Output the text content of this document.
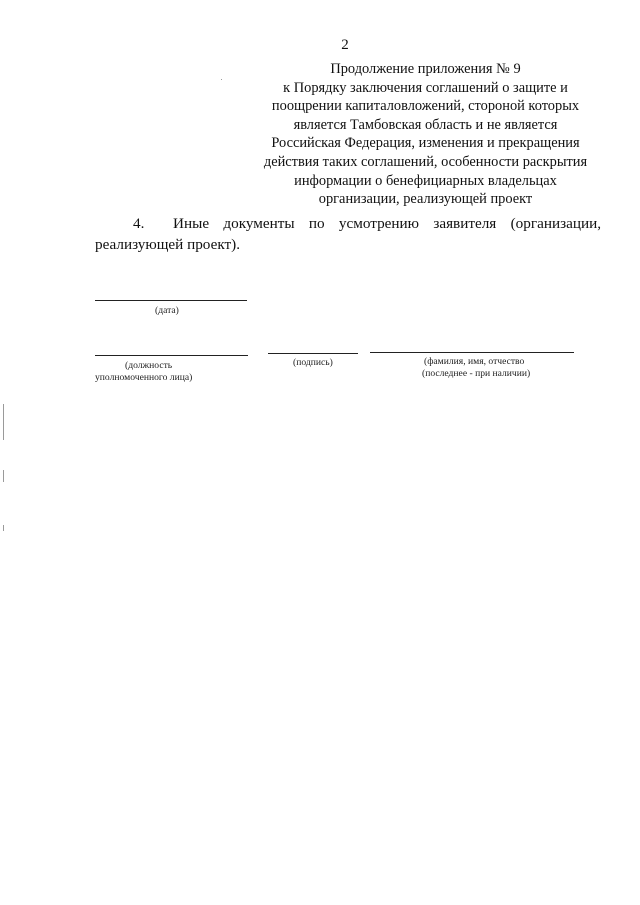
2
Продолжение приложения № 9
к Порядку заключения соглашений о защите и
поощрении капиталовложений, стороной которых
является Тамбовская область и не является
Российская Федерация, изменения и прекращения
действия таких соглашений, особенности раскрытия
информации о бенефициарных владельцах
организации, реализующей проект
4. Иные документы по усмотрению заявителя (организации, реализующей проект).
(дата)
(должность
уполномоченного лица)
(подпись)	(фамилия, имя, отчество
(последнее - при наличии)
